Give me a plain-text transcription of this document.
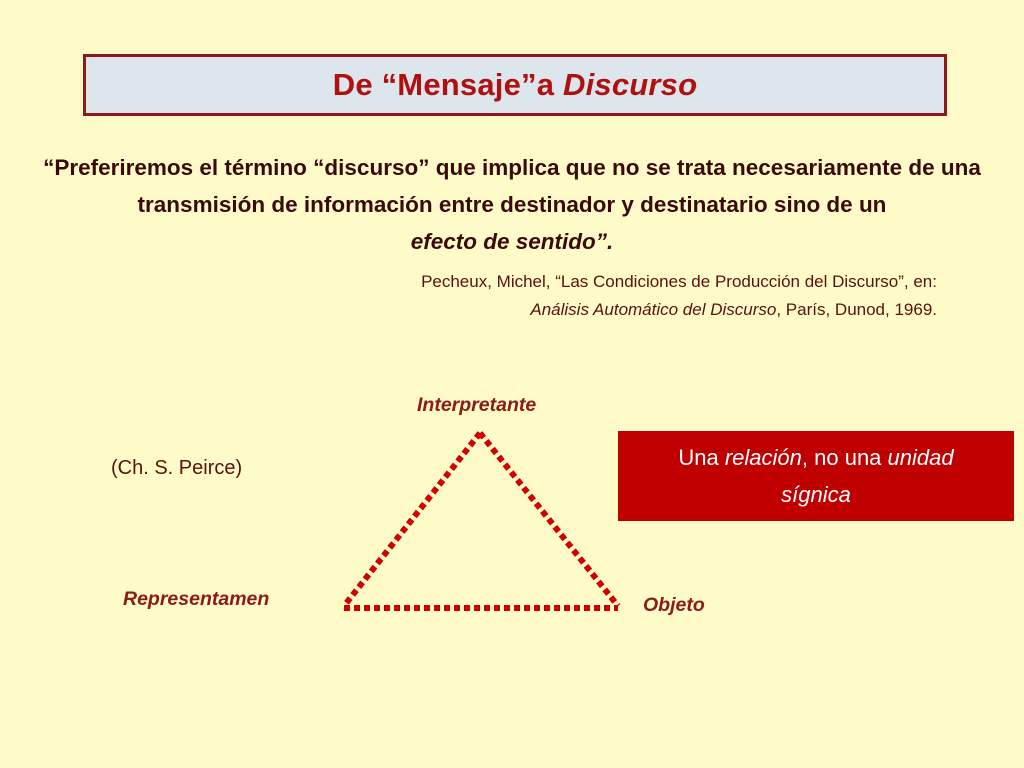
De “Mensaje”a Discurso

“Preferiremos el término “discurso” que implica que no se trata necesariamente de una transmisión de información entre destinador y destinatario sino de un
efecto de sentido”.

Pecheux, Michel, “Las Condiciones de Producción del Discurso”, en:
Análisis Automático del Discurso, París, Dunod, 1969.

(Ch. S. Peirce)
Interpretante
Representamen	Objeto

Una relación, no una unidad
sígnica
